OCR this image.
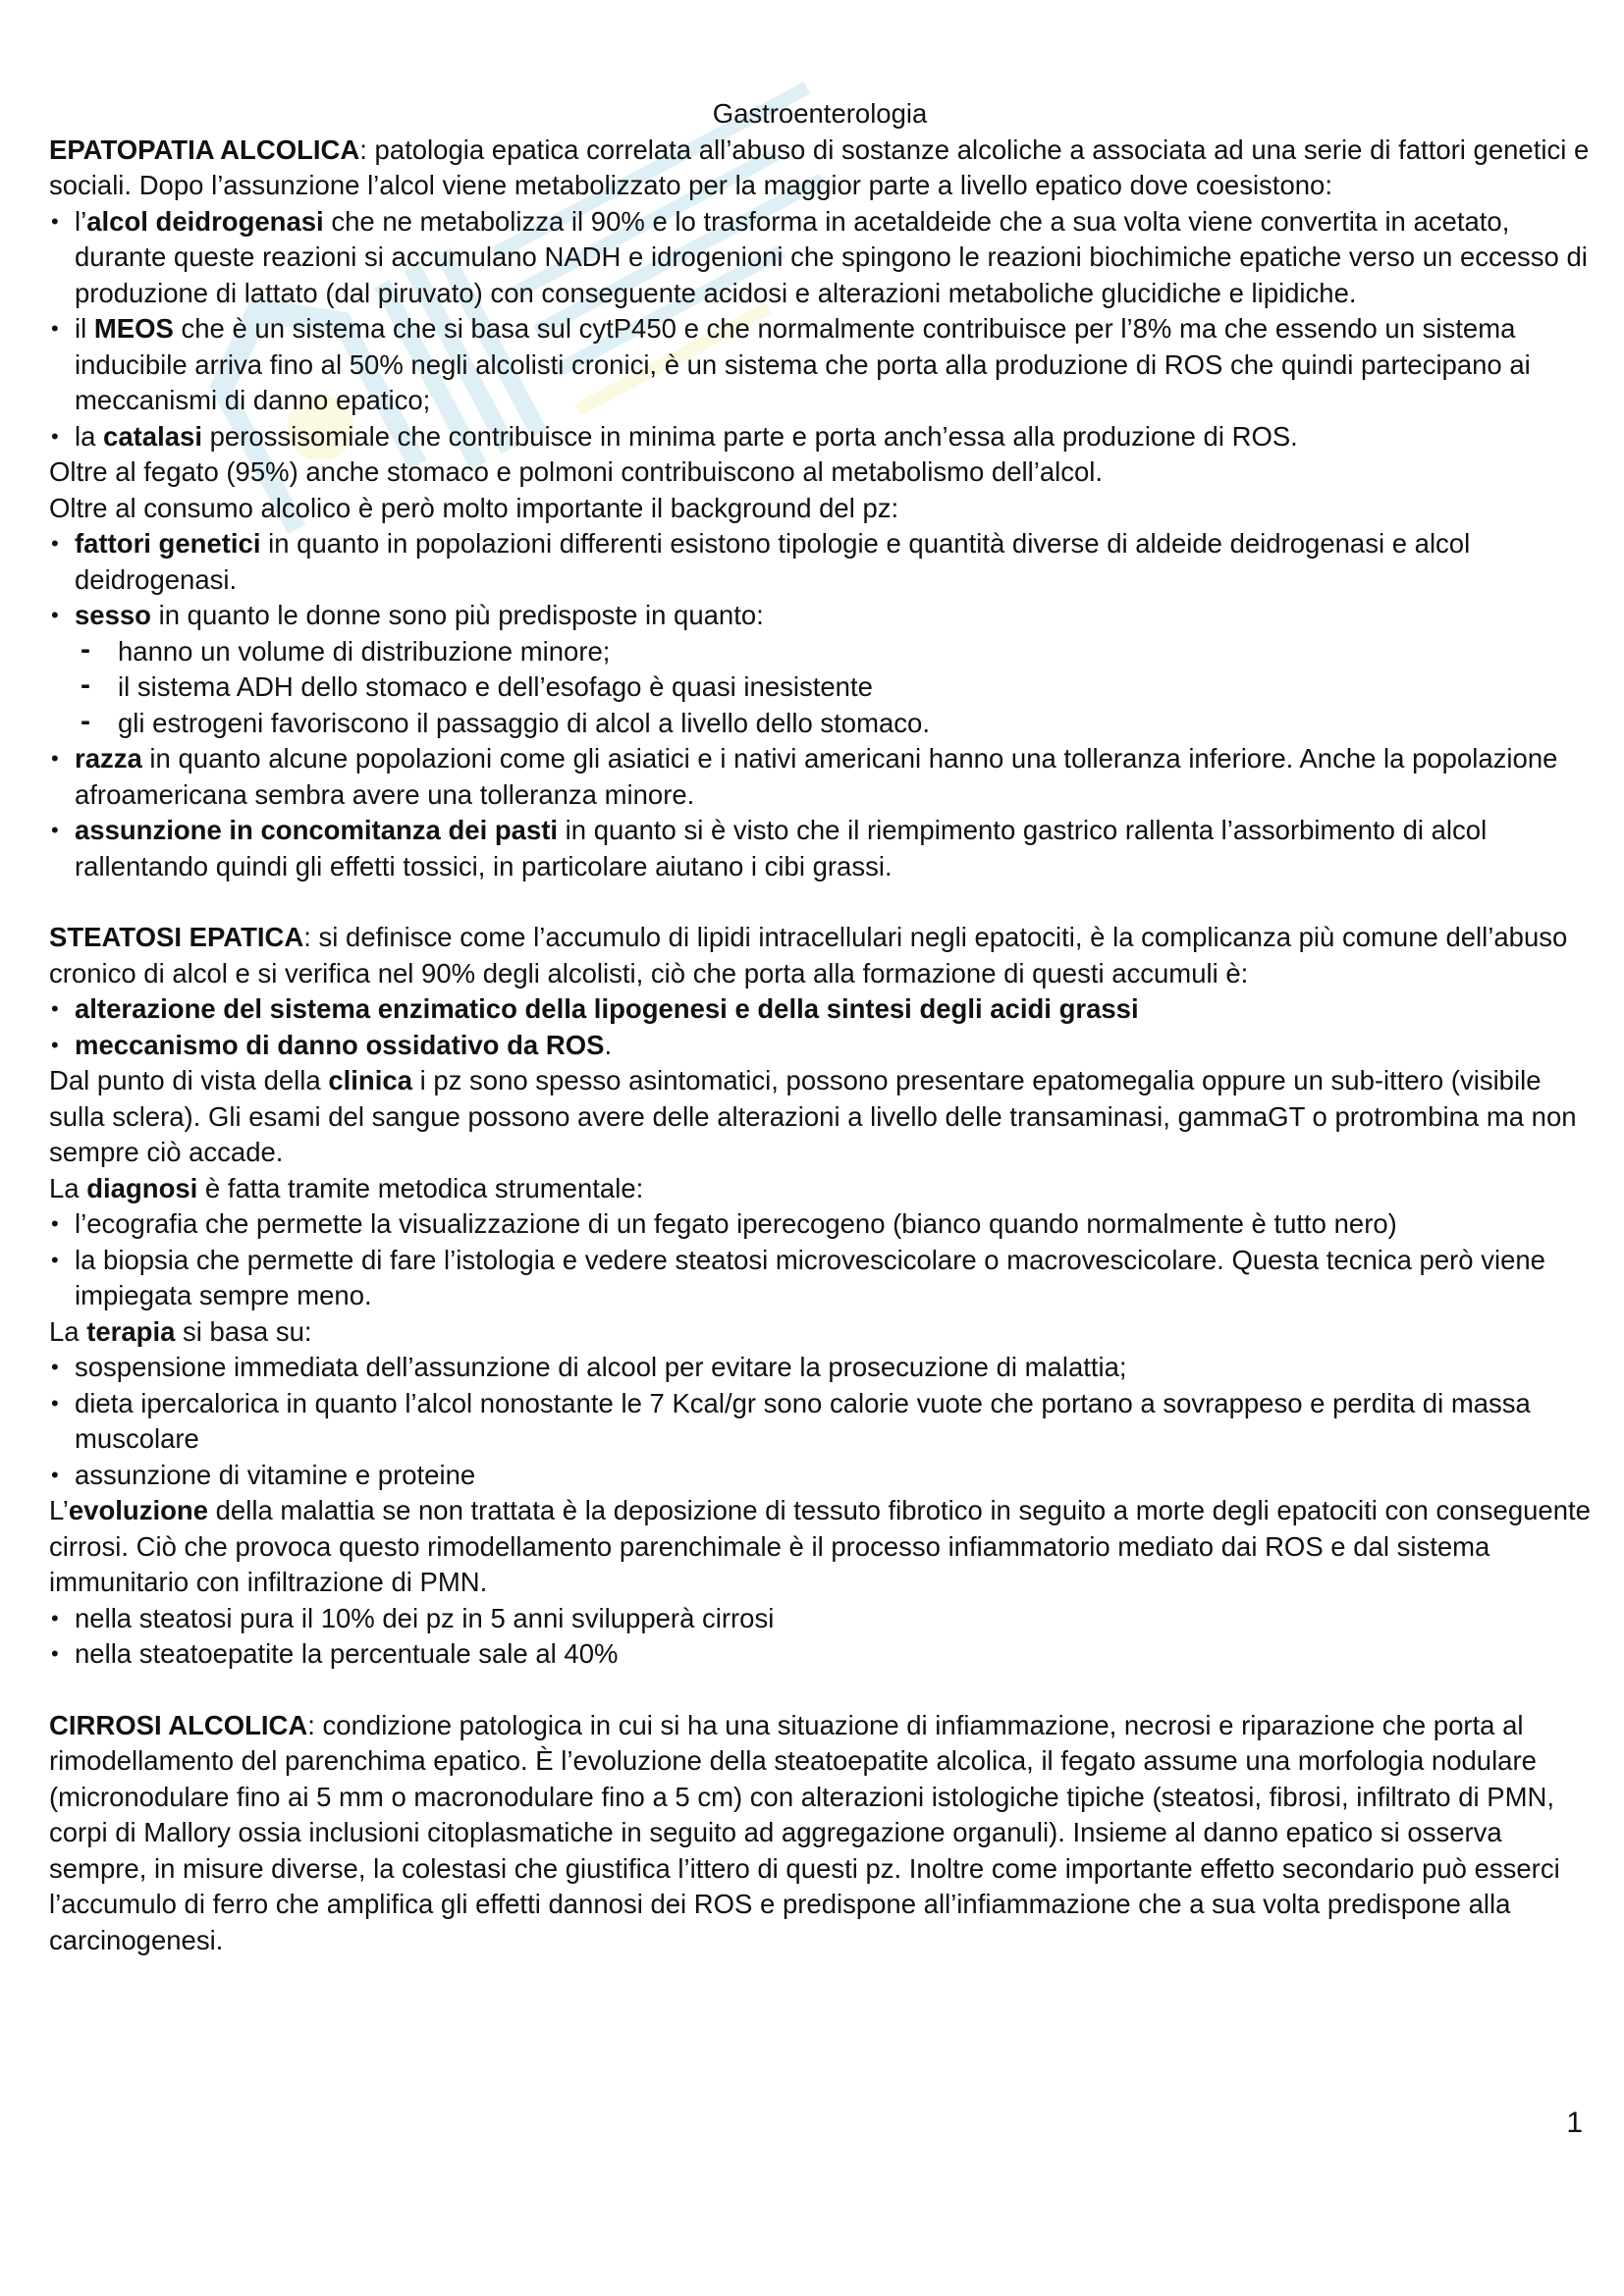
Gastroenterologia

EPATOPATIA ALCOLICA: patologia epatica correlata all’abuso di sostanze alcoliche a associata ad una serie di fattori genetici e sociali. Dopo l’assunzione l’alcol viene metabolizzato per la maggior parte a livello epatico dove coesistono:

• l’alcol deidrogenasi che ne metabolizza il 90% e lo trasforma in acetaldeide che a sua volta viene convertita in acetato, durante queste reazioni si accumulano NADH e idrogenioni che spingono le reazioni biochimiche epatiche verso un eccesso di produzione di lattato (dal piruvato) con conseguente acidosi e alterazioni metaboliche glucidiche e lipidiche.
• il MEOS che è un sistema che si basa sul cytP450 e che normalmente contribuisce per l’8% ma che essendo un sistema inducibile arriva fino al 50% negli alcolisti cronici, è un sistema che porta alla produzione di ROS che quindi partecipano ai meccanismi di danno epatico;
• la catalasi perossisomiale che contribuisce in minima parte e porta anch’essa alla produzione di ROS.

Oltre al fegato (95%) anche stomaco e polmoni contribuiscono al metabolismo dell’alcol.

Oltre al consumo alcolico è però molto importante il background del pz:

• fattori genetici in quanto in popolazioni differenti esistono tipologie e quantità diverse di aldeide deidrogenasi e alcol deidrogenasi.
• sesso in quanto le donne sono più predisposte in quanto:
- hanno un volume di distribuzione minore;
- il sistema ADH dello stomaco e dell’esofago è quasi inesistente
- gli estrogeni favoriscono il passaggio di alcol a livello dello stomaco.
• razza in quanto alcune popolazioni come gli asiatici e i nativi americani hanno una tolleranza inferiore. Anche la popolazione afroamericana sembra avere una tolleranza minore.
• assunzione in concomitanza dei pasti in quanto si è visto che il riempimento gastrico rallenta l’assorbimento di alcol rallentando quindi gli effetti tossici, in particolare aiutano i cibi grassi.

STEATOSI EPATICA: si definisce come l’accumulo di lipidi intracellulari negli epatociti, è la complicanza più comune dell’abuso cronico di alcol e si verifica nel 90% degli alcolisti, ciò che porta alla formazione di questi accumuli è:

• alterazione del sistema enzimatico della lipogenesi e della sintesi degli acidi grassi
• meccanismo di danno ossidativo da ROS.

Dal punto di vista della clinica i pz sono spesso asintomatici, possono presentare epatomegalia oppure un sub-ittero (visibile sulla sclera). Gli esami del sangue possono avere delle alterazioni a livello delle transaminasi, gammaGT o protrombina ma non sempre ciò accade.

La diagnosi è fatta tramite metodica strumentale:

• l’ecografia che permette la visualizzazione di un fegato iperecogeno (bianco quando normalmente è tutto nero)
• la biopsia che permette di fare l’istologia e vedere steatosi microvescicolare o macrovescicolare. Questa tecnica però viene impiegata sempre meno.

La terapia si basa su:

• sospensione immediata dell’assunzione di alcool per evitare la prosecuzione di malattia;
• dieta ipercalorica in quanto l’alcol nonostante le 7 Kcal/gr sono calorie vuote che portano a sovrappeso e perdita di massa muscolare
• assunzione di vitamine e proteine

L’evoluzione della malattia se non trattata è la deposizione di tessuto fibrotico in seguito a morte degli epatociti con conseguente cirrosi. Ciò che provoca questo rimodellamento parenchimale è il processo infiammatorio mediato dai ROS e dal sistema immunitario con infiltrazione di PMN.

• nella steatosi pura il 10% dei pz in 5 anni svilupperà cirrosi
• nella steatoepatite la percentuale sale al 40%

CIRROSI ALCOLICA: condizione patologica in cui si ha una situazione di infiammazione, necrosi e riparazione che porta al rimodellamento del parenchima epatico. È l’evoluzione della steatoepatite alcolica, il fegato assume una morfologia nodulare (micronodulare fino ai 5 mm o macronodulare fino a 5 cm) con alterazioni istologiche tipiche (steatosi, fibrosi, infiltrato di PMN, corpi di Mallory ossia inclusioni citoplasmatiche in seguito ad aggregazione organuli). Insieme al danno epatico si osserva sempre, in misure diverse, la colestasi che giustifica l’ittero di questi pz. Inoltre come importante effetto secondario può esserci l’accumulo di ferro che amplifica gli effetti dannosi dei ROS e predispone all’infiammazione che a sua volta predispone alla carcinogenesi.

1
